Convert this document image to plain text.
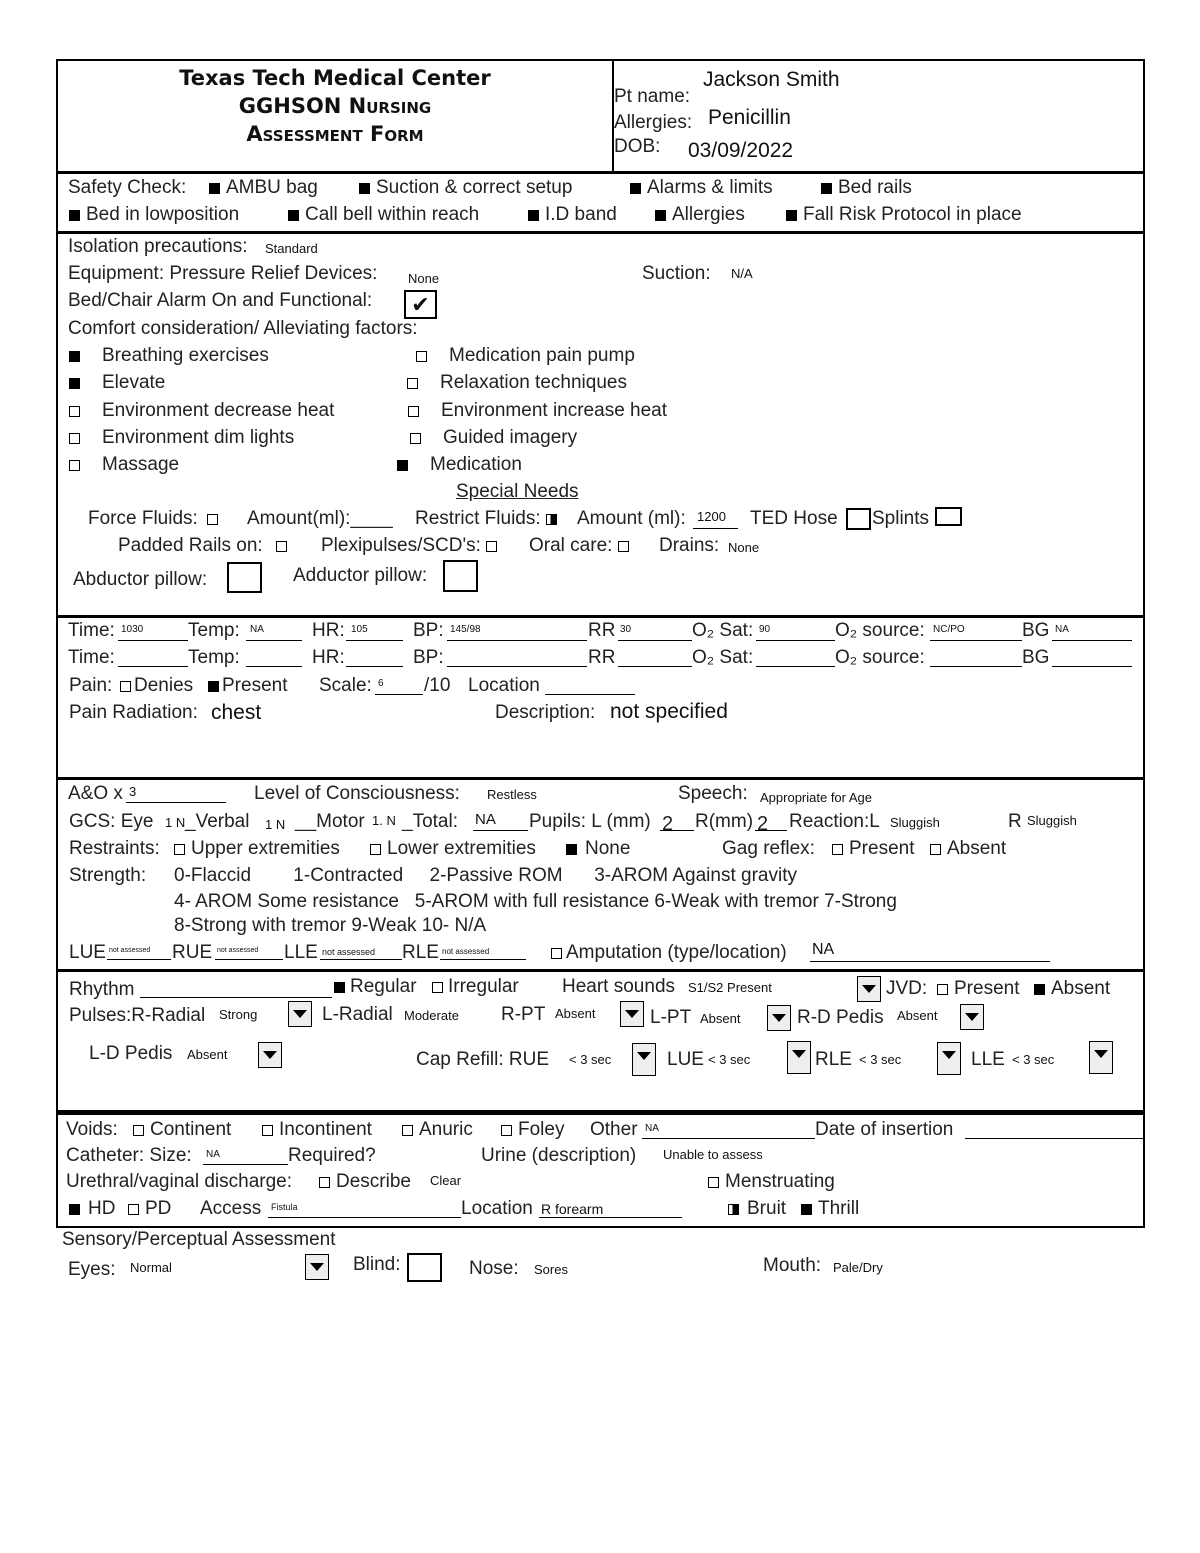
Texas Tech Medical Center
GGHSON Nursing
Assessment Form
Pt name:
Jackson Smith
Allergies: Penicillin
DOB: 03/09/2022
Safety Check:	AMBU bag	Suction & correct setup	Alarms & limits	Bed rails
Bed in lowposition	Call bell within reach	I.D band	Allergies	Fall Risk Protocol in place
Isolation precautions: Standard
Equipment: Pressure Relief Devices: None	Suction: N/A
Bed/Chair Alarm On and Functional:	✔
Comfort consideration/ Alleviating factors:
Breathing exercises	Medication pain pump
Elevate	Relaxation techniques
Environment decrease heat	Environment increase heat
Environment dim lights	Guided imagery
Massage	Medication
Special Needs
Force Fluids:	Amount(ml):____ Restrict Fluids:	Amount (ml): 1200 TED Hose Splints
Padded Rails on:	Plexipulses/SCD's:	Oral care:	Drains: None
Abductor pillow:	Adductor pillow:
Time: 1030 Temp: NA	HR: 105 BP: 145/98	RR 30	O₂ Sat: 90	O₂ source: NC/PO	BG NA
Time:	Temp:	HR:	BP:	RR	O₂ Sat:	O₂ source:	BG
Pain:	Denies	Present Scale: 6 /10 Location
Pain Radiation: chest	Description: not specified
A&O x 3	Level of Consciousness: Restless	Speech: Appropriate for Age
GCS: Eye 1 N _Verbal 1 N __Motor 1. N _Total: NA Pupils: L (mm) 2 R(mm) 2 Reaction:L Sluggish	R Sluggish
Restraints:	Upper extremities	Lower extremities	None	Gag reflex:	Present	Absent
Strength: 0-Flaccid        1-Contracted     2-Passive ROM      3-AROM Against gravity
4- AROM Some resistance   5-AROM with full resistance 6-Weak with tremor 7-Strong
8-Strong with tremor 9-Weak 10- N/A
LUE not assessed RUE not assessed LLE not assessed RLE not assessed	Amputation (type/location) NA
Rhythm	Regular	Irregular Heart sounds S1/S2 Present	JVD:	Present	Absent
Pulses:R-Radial Strong	L-Radial Moderate R-PT Absent	L-PT Absent	R-D Pedis Absent
L-D Pedis Absent	Cap Refill: RUE < 3 sec	LUE < 3 sec	RLE < 3 sec	LLE < 3 sec
Voids:	Continent	Incontinent	Anuric	Foley Other NA	Date of insertion
Catheter: Size: NA	Required?	Urine (description) Unable to assess
Urethral/vaginal discharge:	Describe Clear	Menstruating
HD	PD Access Fistula	Location R forearm	Bruit	Thrill
Sensory/Perceptual Assessment
Eyes: Normal	Blind:	Nose: Sores	Mouth: Pale/Dry
